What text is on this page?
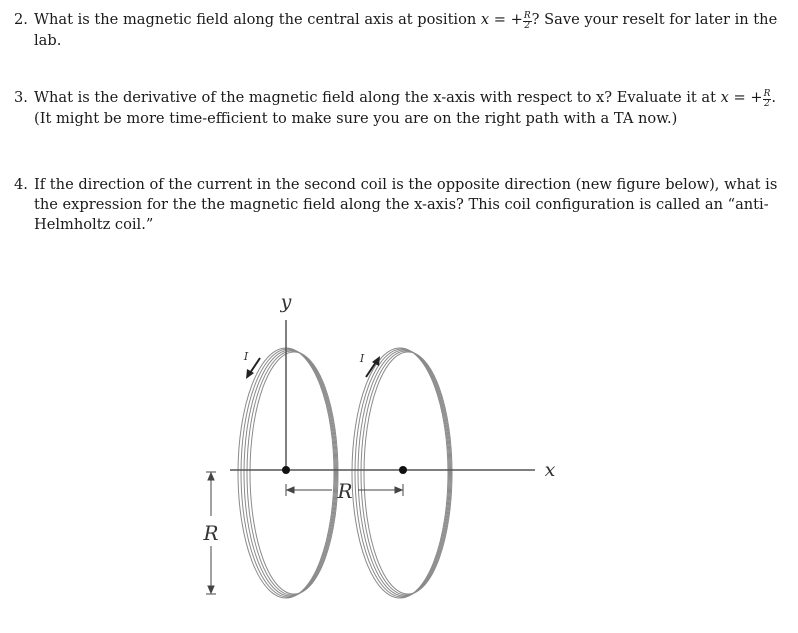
2. What is the magnetic field along the central axis at position x = + $\frac{R}{2}$ ? Save your reselt for later in the lab.
3. What is the derivative of the magnetic field along the x-axis with respect to x? Evaluate it at x = + $\frac{R}{2}$ . (It might be more time-efficient to make sure you are on the right path with a TA now.)
4. If the direction of the current in the second coil is the opposite direction (new figure below), what is the expression for the the magnetic field along the x-axis? This coil configuration is called an “anti-Helmholtz coil.”
R
R
y
x
I	I
